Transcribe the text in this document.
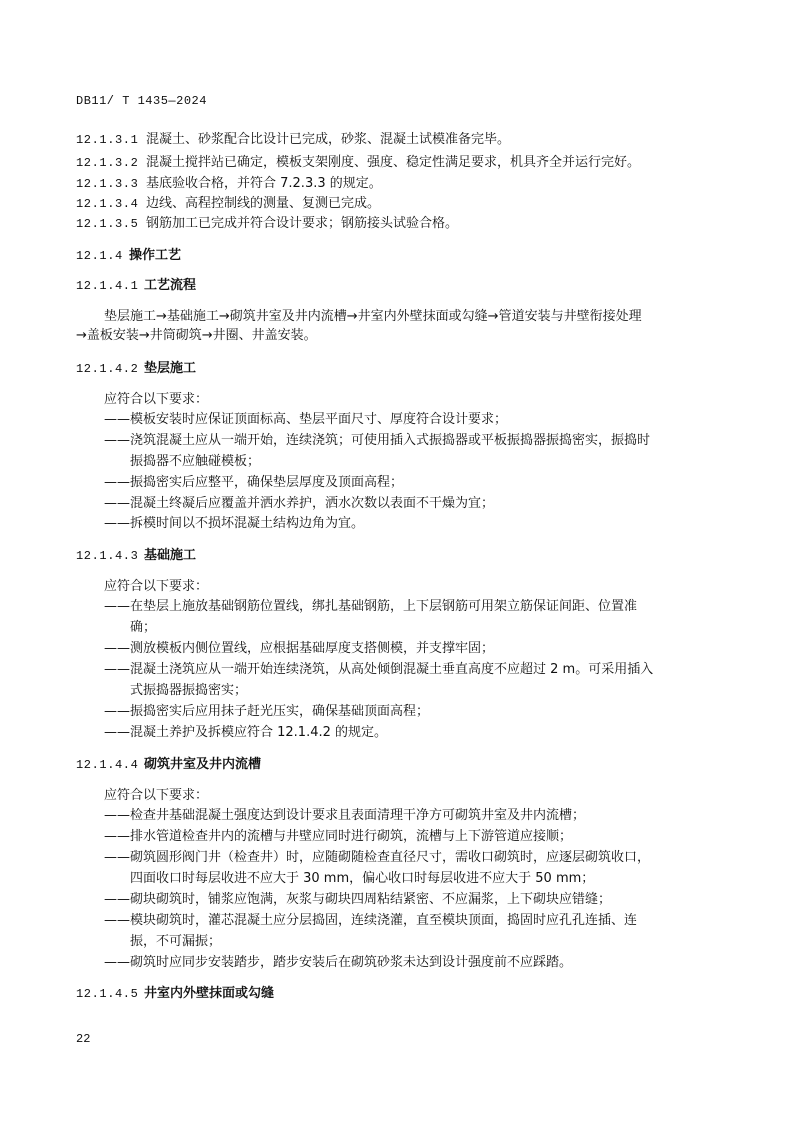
DB11/ T 1435—2024
12.1.3.1 混凝土、砂浆配合比设计已完成，砂浆、混凝土试模准备完毕。
12.1.3.2 混凝土搅拌站已确定，模板支架刚度、强度、稳定性满足要求，机具齐全并运行完好。
12.1.3.3 基底验收合格，并符合 7.2.3.3 的规定。
12.1.3.4 边线、高程控制线的测量、复测已完成。
12.1.3.5 钢筋加工已完成并符合设计要求；钢筋接头试验合格。
12.1.4 操作工艺
12.1.4.1 工艺流程
垫层施工→基础施工→砌筑井室及井内流槽→井室内外壁抹面或勾缝→管道安装与井壁衔接处理
→盖板安装→井筒砌筑→井圈、井盖安装。
12.1.4.2 垫层施工
应符合以下要求：
——模板安装时应保证顶面标高、垫层平面尺寸、厚度符合设计要求；
——浇筑混凝土应从一端开始，连续浇筑；可使用插入式振捣器或平板振捣器振捣密实，振捣时
振捣器不应触碰模板；
——振捣密实后应整平，确保垫层厚度及顶面高程；
——混凝土终凝后应覆盖并洒水养护，洒水次数以表面不干燥为宜；
——拆模时间以不损坏混凝土结构边角为宜。
12.1.4.3 基础施工
应符合以下要求：
——在垫层上施放基础钢筋位置线，绑扎基础钢筋，上下层钢筋可用架立筋保证间距、位置准
确；
——测放模板内侧位置线，应根据基础厚度支搭侧模，并支撑牢固；
——混凝土浇筑应从一端开始连续浇筑，从高处倾倒混凝土垂直高度不应超过 2 m。可采用插入
式振捣器振捣密实；
——振捣密实后应用抹子赶光压实，确保基础顶面高程；
——混凝土养护及拆模应符合 12.1.4.2 的规定。
12.1.4.4 砌筑井室及井内流槽
应符合以下要求：
——检查井基础混凝土强度达到设计要求且表面清理干净方可砌筑井室及井内流槽；
——排水管道检查井内的流槽与井壁应同时进行砌筑，流槽与上下游管道应接顺；
——砌筑圆形阀门井（检查井）时，应随砌随检查直径尺寸，需收口砌筑时，应逐层砌筑收口，
四面收口时每层收进不应大于 30 mm，偏心收口时每层收进不应大于 50 mm；
——砌块砌筑时，铺浆应饱满，灰浆与砌块四周粘结紧密、不应漏浆，上下砌块应错缝；
——模块砌筑时，灌芯混凝土应分层捣固，连续浇灌，直至模块顶面，捣固时应孔孔连插、连
振，不可漏振；
——砌筑时应同步安装踏步，踏步安装后在砌筑砂浆未达到设计强度前不应踩踏。
12.1.4.5 井室内外壁抹面或勾缝
22
